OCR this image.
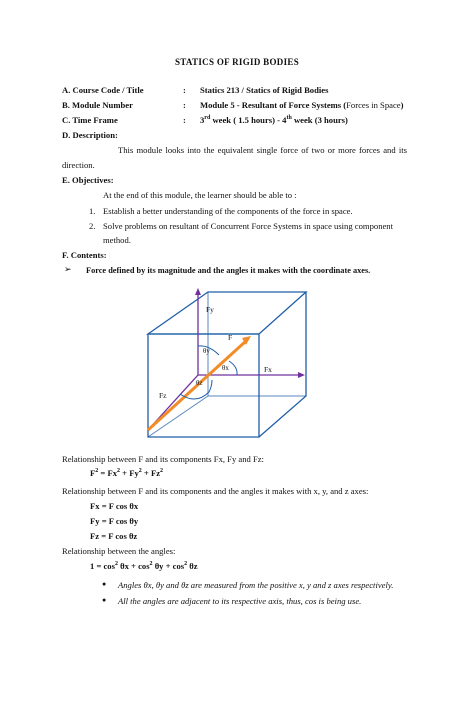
STATICS OF RIGID BODIES
A. Course Code / Title	: Statics 213 / Statics of Rigid Bodies
B. Module Number	: Module 5 - Resultant of Force Systems (Forces in Space)
C. Time Frame	: 3rd week ( 1.5 hours) - 4th week (3 hours)
D. Description:
This module looks into the equivalent single force of two or more forces and its direction.
E. Objectives:
At the end of this module, the learner should be able to :
1. Establish a better understanding of the components of the force in space.
2. Solve problems on resultant of Concurrent Force Systems in space using component
method.
F. Contents:
➢ Force defined by its magnitude and the angles it makes with the coordinate axes.
Fy
F
θy
θx	Fx
θz
Fz
Relationship between F and its components Fx, Fy and Fz:
$F^2 = Fx^2 + Fy^2 + Fz^2$
Relationship between F and its components and the angles it makes with x, y, and z axes:
Fx = F cos θx
Fy = F cos θy
Fz = F cos θz
Relationship between the angles:
$1 = \cos^2 \theta x + \cos^2 \theta y + \cos^2 \theta z$
● Angles θx, θy and θz are measured from the positive x, y and z axes respectively.
● All the angles are adjacent to its respective axis, thus, cos is being use.
